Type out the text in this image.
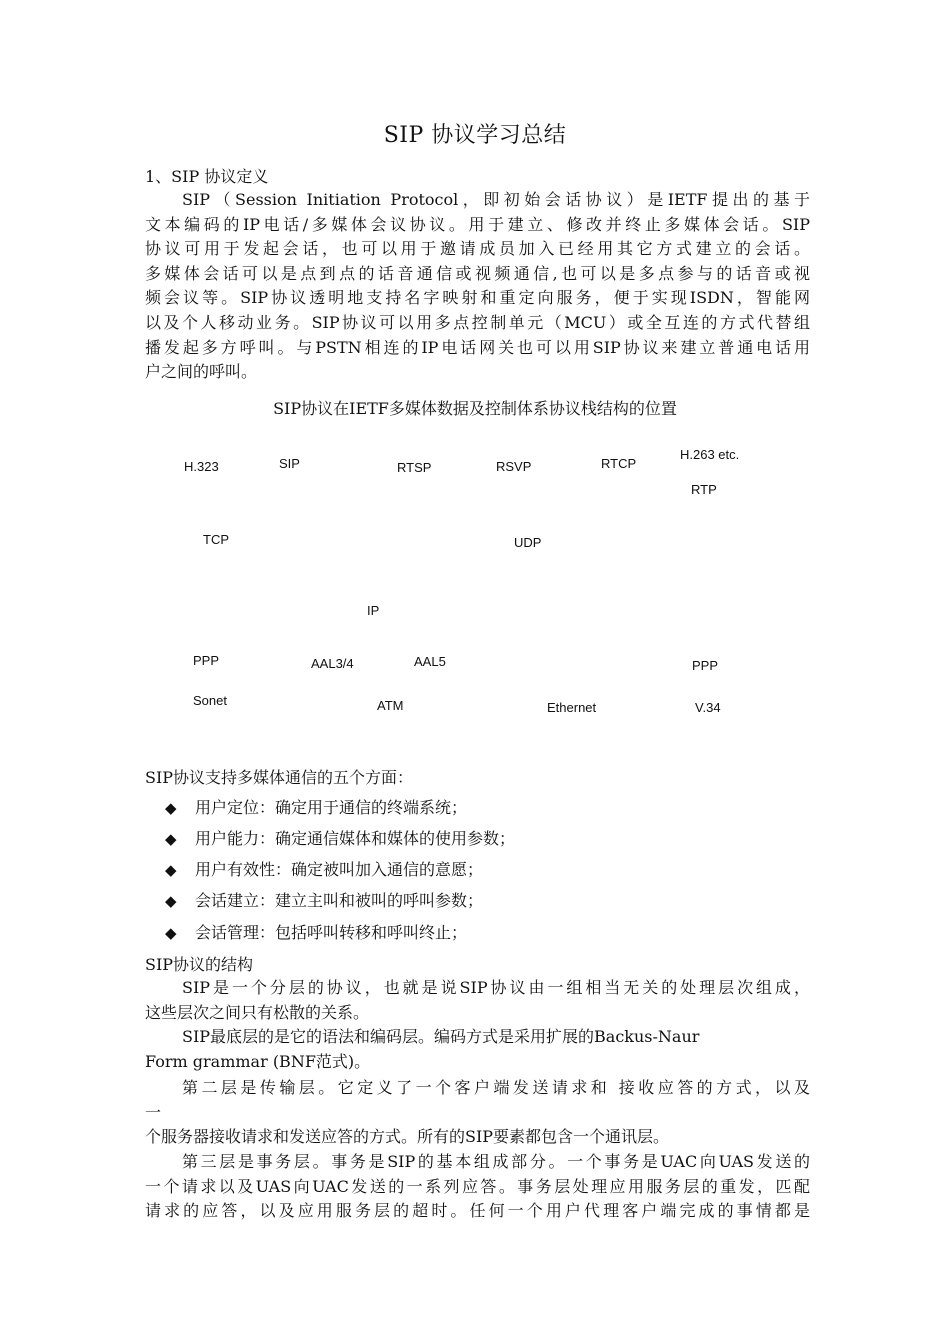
SIP 协议学习总结
1、SIP 协议定义
SIP（Session Initiation Protocol，即初始会话协议）是IETF提出的基于
文本编码的IP电话/多媒体会议协议。用于建立、修改并终止多媒体会话。SIP
协议可用于发起会话，也可以用于邀请成员加入已经用其它方式建立的会话。
多媒体会话可以是点到点的话音通信或视频通信,也可以是多点参与的话音或视
频会议等。SIP协议透明地支持名字映射和重定向服务，便于实现ISDN，智能网
以及个人移动业务。SIP协议可以用多点控制单元（MCU）或全互连的方式代替组
播发起多方呼叫。与PSTN相连的IP电话网关也可以用SIP协议来建立普通电话用
户之间的呼叫。
SIP协议在IETF多媒体数据及控制体系协议栈结构的位置
H.323	SIP	RTSP	RSVP	RTCP
H.263 etc.
RTP
TCP	UDP
IP
PPP	AAL3/4	AAL5	PPP
Sonet	ATM	Ethernet	V.34
SIP协议支持多媒体通信的五个方面：
◆ 用户定位：确定用于通信的终端系统；
◆ 用户能力：确定通信媒体和媒体的使用参数；
◆ 用户有效性：确定被叫加入通信的意愿；
◆ 会话建立：建立主叫和被叫的呼叫参数；
◆ 会话管理：包括呼叫转移和呼叫终止；
SIP协议的结构
SIP是一个分层的协议，也就是说SIP协议由一组相当无关的处理层次组成，
这些层次之间只有松散的关系。
SIP最底层的是它的语法和编码层。编码方式是采用扩展的Backus-Naur
Form grammar (BNF范式)。
第二层是传输层。它定义了一个客户端发送请求和 接收应答的方式，以及
一
个服务器接收请求和发送应答的方式。所有的SIP要素都包含一个通讯层。
第三层是事务层。事务是SIP的基本组成部分。一个事务是UAC向UAS发送的
一个请求以及UAS向UAC发送的一系列应答。事务层处理应用服务层的重发，匹配
请求的应答，以及应用服务层的超时。任何一个用户代理客户端完成的事情都是
